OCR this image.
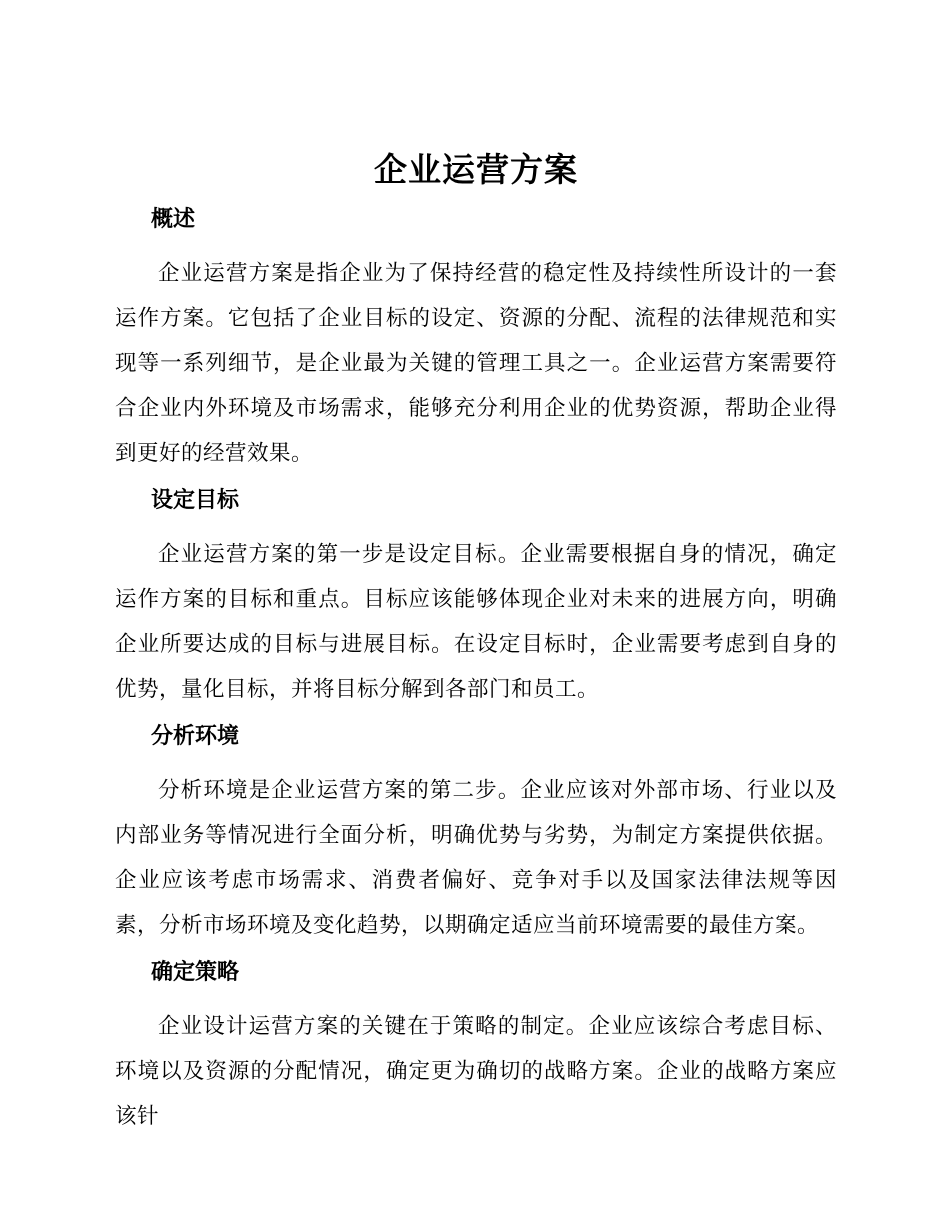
企业运营方案
概述

企业运营方案是指企业为了保持经营的稳定性及持续性所设计的一套运作方案。它包括了企业目标的设定、资源的分配、流程的法律规范和实现等一系列细节，是企业最为关键的管理工具之一。企业运营方案需要符合企业内外环境及市场需求，能够充分利用企业的优势资源，帮助企业得到更好的经营效果。

设定目标

企业运营方案的第一步是设定目标。企业需要根据自身的情况，确定运作方案的目标和重点。目标应该能够体现企业对未来的进展方向，明确企业所要达成的目标与进展目标。在设定目标时，企业需要考虑到自身的优势，量化目标，并将目标分解到各部门和员工。

分析环境

分析环境是企业运营方案的第二步。企业应该对外部市场、行业以及内部业务等情况进行全面分析，明确优势与劣势，为制定方案提供依据。企业应该考虑市场需求、消费者偏好、竞争对手以及国家法律法规等因素，分析市场环境及变化趋势，以期确定适应当前环境需要的最佳方案。

确定策略

企业设计运营方案的关键在于策略的制定。企业应该综合考虑目标、环境以及资源的分配情况，确定更为确切的战略方案。企业的战略方案应该针
